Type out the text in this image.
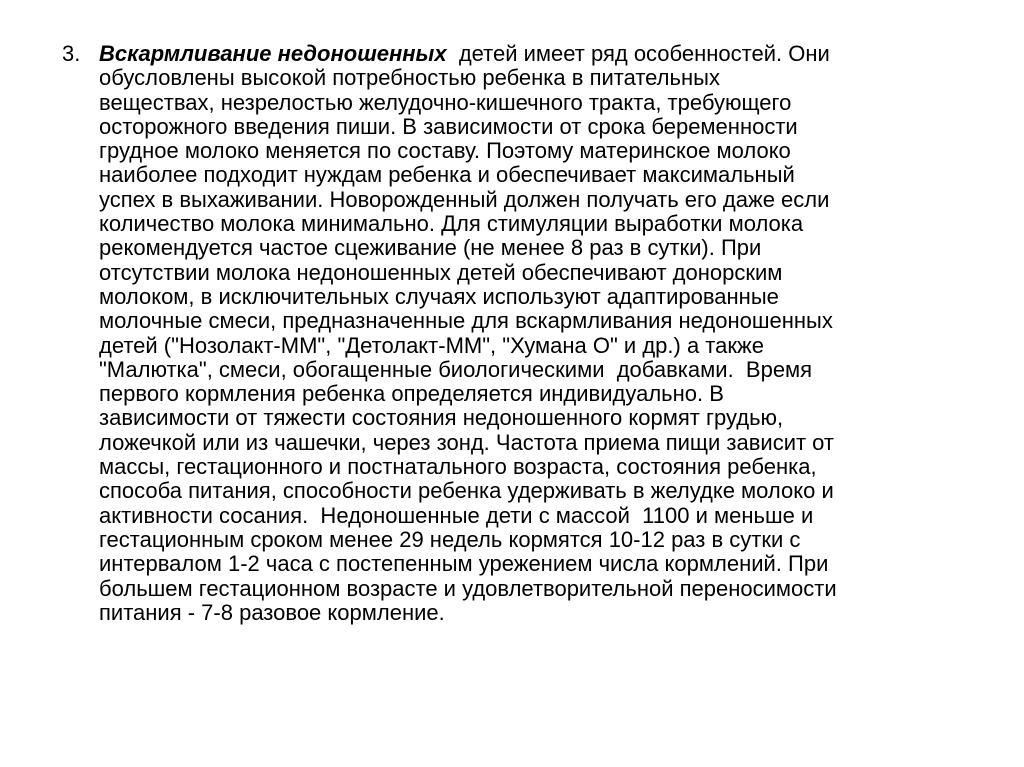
3. Вскармливание недоношенных  детей имеет ряд особенностей. Они
обусловлены высокой потребностью ребенка в питательных
веществах, незрелостью желудочно-кишечного тракта, требующего
осторожного введения пиши. В зависимости от срока беременности
грудное молоко меняется по составу. Поэтому материнское молоко
наиболее подходит нуждам ребенка и обеспечивает максимальный
успех в выхаживании. Новорожденный должен получать его даже если
количество молока минимально. Для стимуляции выработки молока
рекомендуется частое сцеживание (не менее 8 раз в сутки). При
отсутствии молока недоношенных детей обеспечивают донорским
молоком, в исключительных случаях используют адаптированные
молочные смеси, предназначенные для вскармливания недоношенных
детей ("Нозолакт-ММ", "Детолакт-ММ", "Хумана О" и др.) а также
"Малютка", смеси, обогащенные биологическими  добавками.  Время
первого кормления ребенка определяется индивидуально. В
зависимости от тяжести состояния недоношенного кормят грудью,
ложечкой или из чашечки, через зонд. Частота приема пищи зависит от
массы, гестационного и постнатального возраста, состояния ребенка,
способа питания, способности ребенка удерживать в желудке молоко и
активности сосания.  Недоношенные дети с массой  1100 и меньше и
гестационным сроком менее 29 недель кормятся 10-12 раз в сутки с
интервалом 1-2 часа с постепенным урежением числа кормлений. При
большем гестационном возрасте и удовлетворительной переносимости
питания - 7-8 разовое кормление.
